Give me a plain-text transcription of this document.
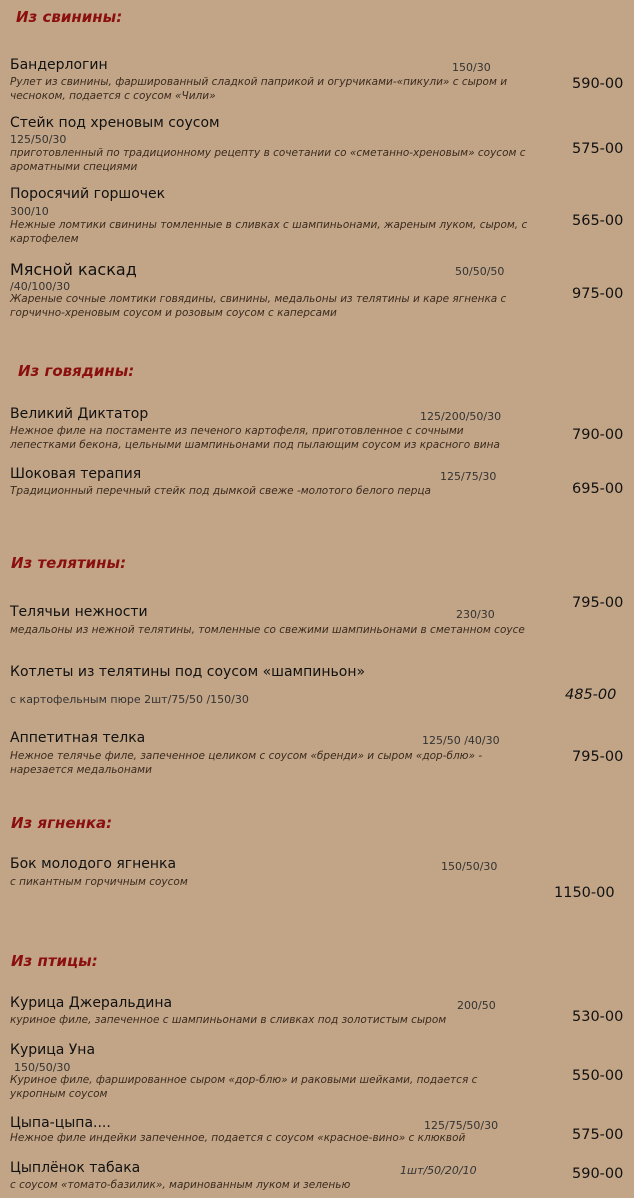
Из свинины:
Бандерлогин	150/30
Рулет из свинины, фаршированный сладкой паприкой и огурчиками-«пикули» с сыром и чесноком, подается с соусом «Чили»
590-00
Стейк под хреновым соусом
125/50/30
приготовленный по традиционному рецепту в сочетании со «сметанно-хреновым» соусом с ароматными специями
575-00
Поросячий горшочек
300/10
Нежные ломтики свинины томленные в сливках с шампиньонами, жареным луком, сыром, с картофелем
565-00
Мясной каскад	50/50/50
/40/100/30
Жареные сочные ломтики говядины, свинины, медальоны из телятины и каре ягненка с горчично-хреновым соусом и розовым соусом с каперсами
975-00
Из говядины:
Великий Диктатор	125/200/50/30
Нежное филе на постаменте из печеного картофеля, приготовленное с сочными лепестками бекона, цельными шампиньонами под пылающим соусом из красного вина
790-00
Шоковая терапия	125/75/30
Традиционный перечный стейк под дымкой свеже -молотого белого перца	695-00
Из телятины:
Телячьи нежности	230/30
медальоны из нежной телятины, томленные со свежими шампиньонами в сметанном соусе
795-00
Котлеты из телятины под соусом «шампиньон»
с картофельным пюре 2шт/75/50 /150/30	485-00
Аппетитная телка	125/50 /40/30
Нежное телячье филе, запеченное целиком с соусом «бренди» и сыром «дор-блю» - нарезается медальонами
795-00
Из ягненка:
Бок молодого ягненка	150/50/30
с пикантным горчичным соусом
1150-00
Из птицы:
Курица Джеральдина	200/50
куриное филе, запеченное с шампиньонами в сливках под золотистым сыром	530-00
Курица Уна
150/50/30
Куриное филе, фаршированное сыром «дор-блю» и раковыми шейками, подается с укропным соусом
550-00
Цыпа-цыпа....	125/75/50/30
Нежное филе индейки запеченное, подается с соусом «красное-вино» с клюквой	575-00
Цыплёнок табака	1шт/50/20/10
с соусом «томато-базилик», маринованным луком и зеленью
590-00
